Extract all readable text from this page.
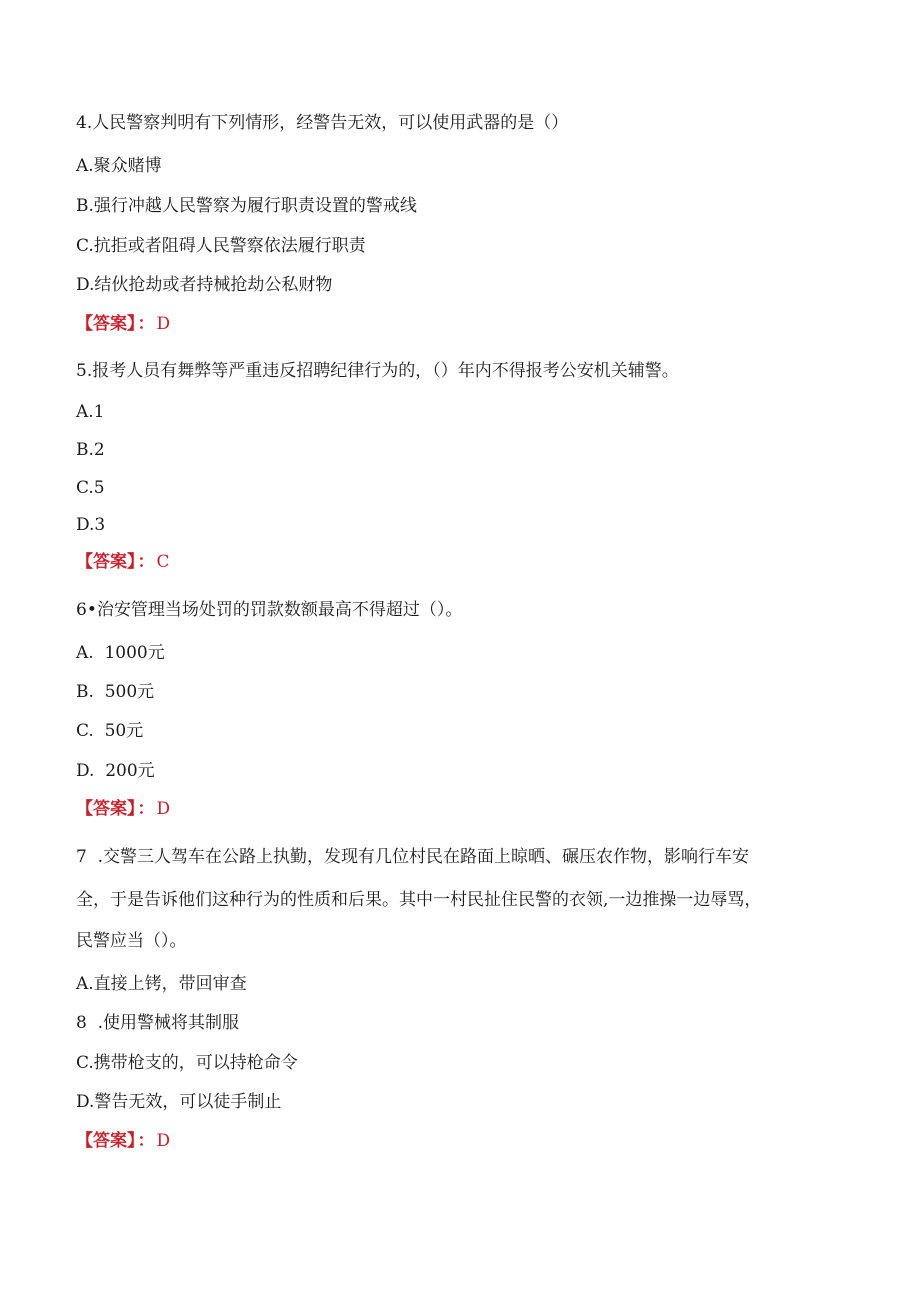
4.人民警察判明有下列情形，经警告无效，可以使用武器的是（）
A.聚众赌博
B.强行冲越人民警察为履行职责设置的警戒线
C.抗拒或者阻碍人民警察依法履行职责
D.结伙抢劫或者持械抢劫公私财物
【答案】 ： D
5.报考人员有舞弊等严重违反招聘纪律行为的，（）年内不得报考公安机关辅警。
A.1
B.2
C.5
D.3
【答案】 ： C
6•治安管理当场处罚的罚款数额最高不得超过（）。
A.  1000元
B.  500元
C.  50元
D.  200元
【答案】 ： D
7  .交警三人驾车在公路上执勤，发现有几位村民在路面上晾晒、碾压农作物，影响行车安
全，于是告诉他们这种行为的性质和后果。其中一村民扯住民警的衣领,一边推操一边辱骂，
民警应当（）。
A.直接上铐，带回审查
8  .使用警械将其制服
C.携带枪支的，可以持枪命令
D.警告无效，可以徒手制止
【答案】 ： D
